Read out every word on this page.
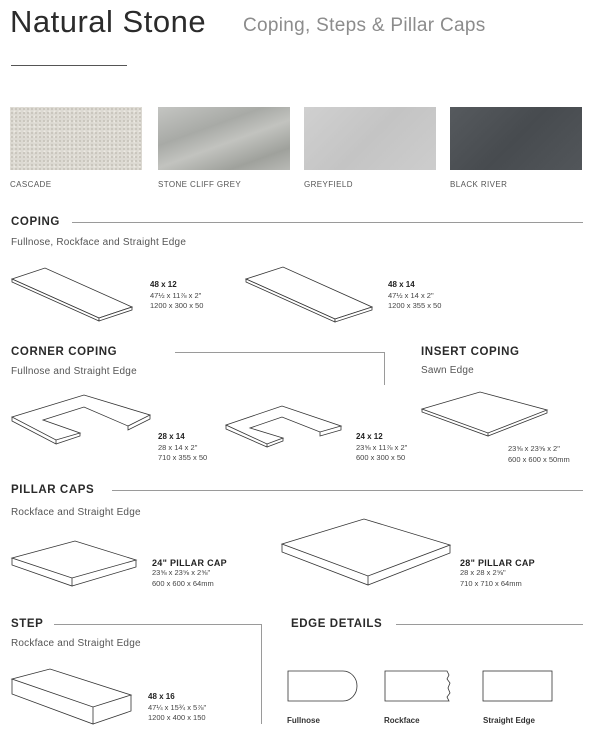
Natural Stone Coping, Steps & Pillar Caps
CASCADE	STONE CLIFF GREY	GREYFIELD	BLACK RIVER
COPING
Fullnose, Rockface and Straight Edge
48 x 12
47½ x 11⅞ x 2"
1200 x 300 x 50
48 x 14
47½ x 14 x 2"
1200 x 355 x 50
CORNER COPING
Fullnose and Straight Edge
28 x 14
28 x 14 x 2"
710 x 355 x 50
24 x 12
23⅝ x 11⅞ x 2"
600 x 300 x 50
INSERT COPING
Sawn Edge
23⅝ x 23⅝ x 2"
600 x 600 x 50mm
PILLAR CAPS
Rockface and Straight Edge
24" PILLAR CAP
23⅝ x 23⅝ x 2⅝"
600 x 600 x 64mm
28" PILLAR CAP
28 x 28 x 2⅝"
710 x 710 x 64mm
STEP
Rockface and Straight Edge
48 x 16
47¼ x 15¾ x 5⅞"
1200 x 400 x 150
EDGE DETAILS
Fullnose	Rockface	Straight Edge
